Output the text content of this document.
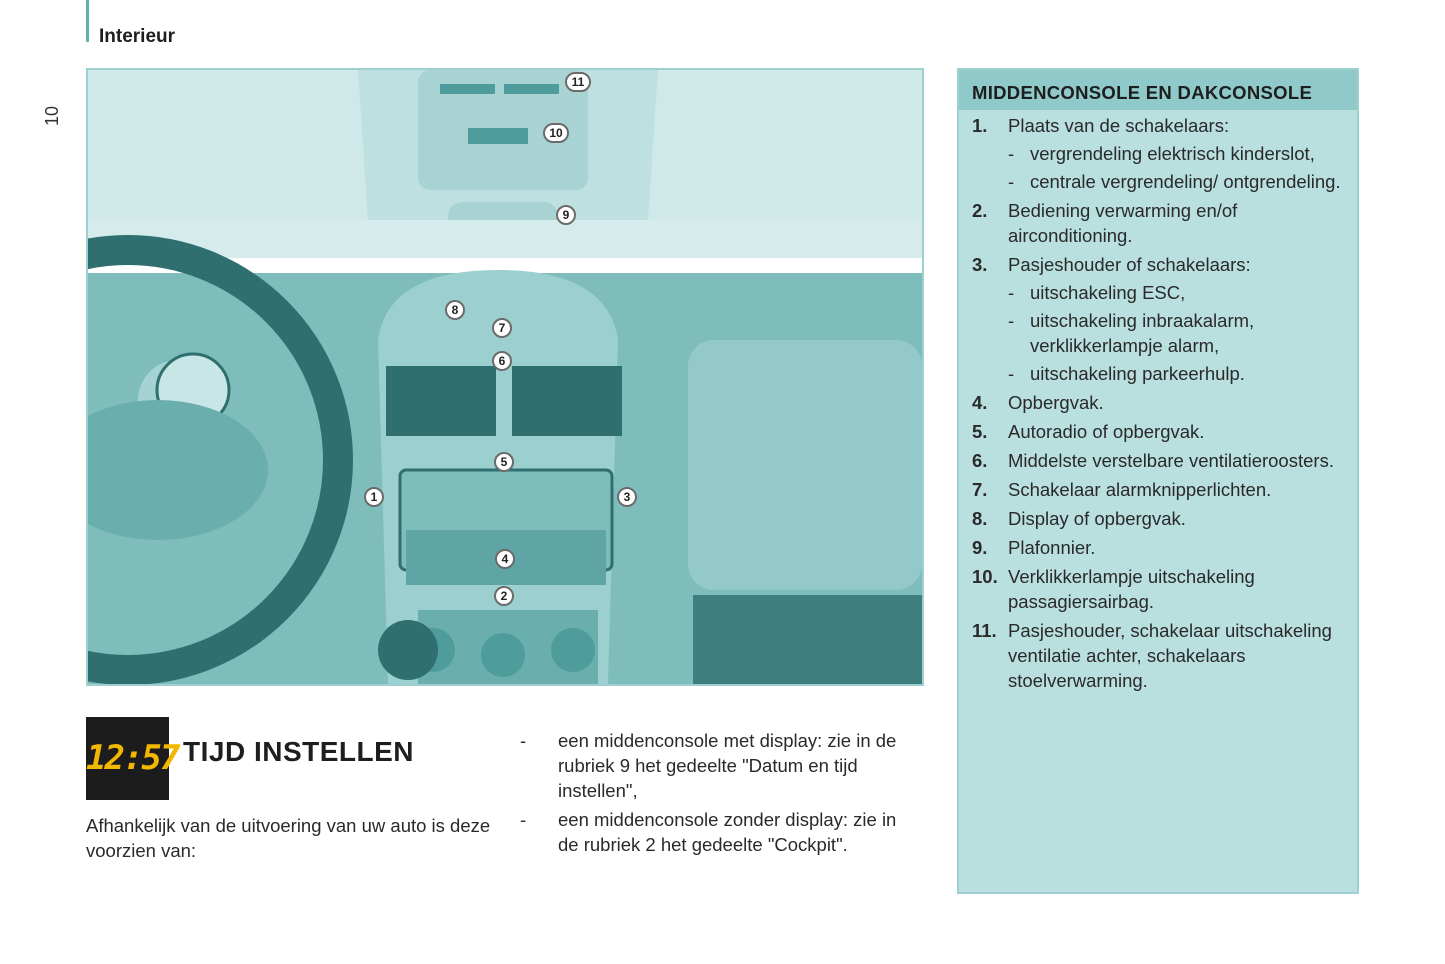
Interieur
10
11
10
9
8
7
6
5
1	3
4
2
12:57 TIJD INSTELLEN
Afhankelijk van de uitvoering van uw auto is deze voorzien van:
- een middenconsole met display: zie in de rubriek 9 het gedeelte "Datum en tijd instellen",
- een middenconsole zonder display: zie in de rubriek 2 het gedeelte "Cockpit".
MIDDENCONSOLE EN DAKCONSOLE
1. Plaats van de schakelaars:
- vergrendeling elektrisch kinderslot,
- centrale vergrendeling/ ontgrendeling.
2. Bediening verwarming en/of airconditioning.
3. Pasjeshouder of schakelaars:
- uitschakeling ESC,
- uitschakeling inbraakalarm, verklikkerlampje alarm,
- uitschakeling parkeerhulp.
4. Opbergvak.
5. Autoradio of opbergvak.
6. Middelste verstelbare ventilatieroosters.
7. Schakelaar alarmknipperlichten.
8. Display of opbergvak.
9. Plafonnier.
10. Verklikkerlampje uitschakeling passagiersairbag.
11. Pasjeshouder, schakelaar uitschakeling ventilatie achter, schakelaars stoelverwarming.
